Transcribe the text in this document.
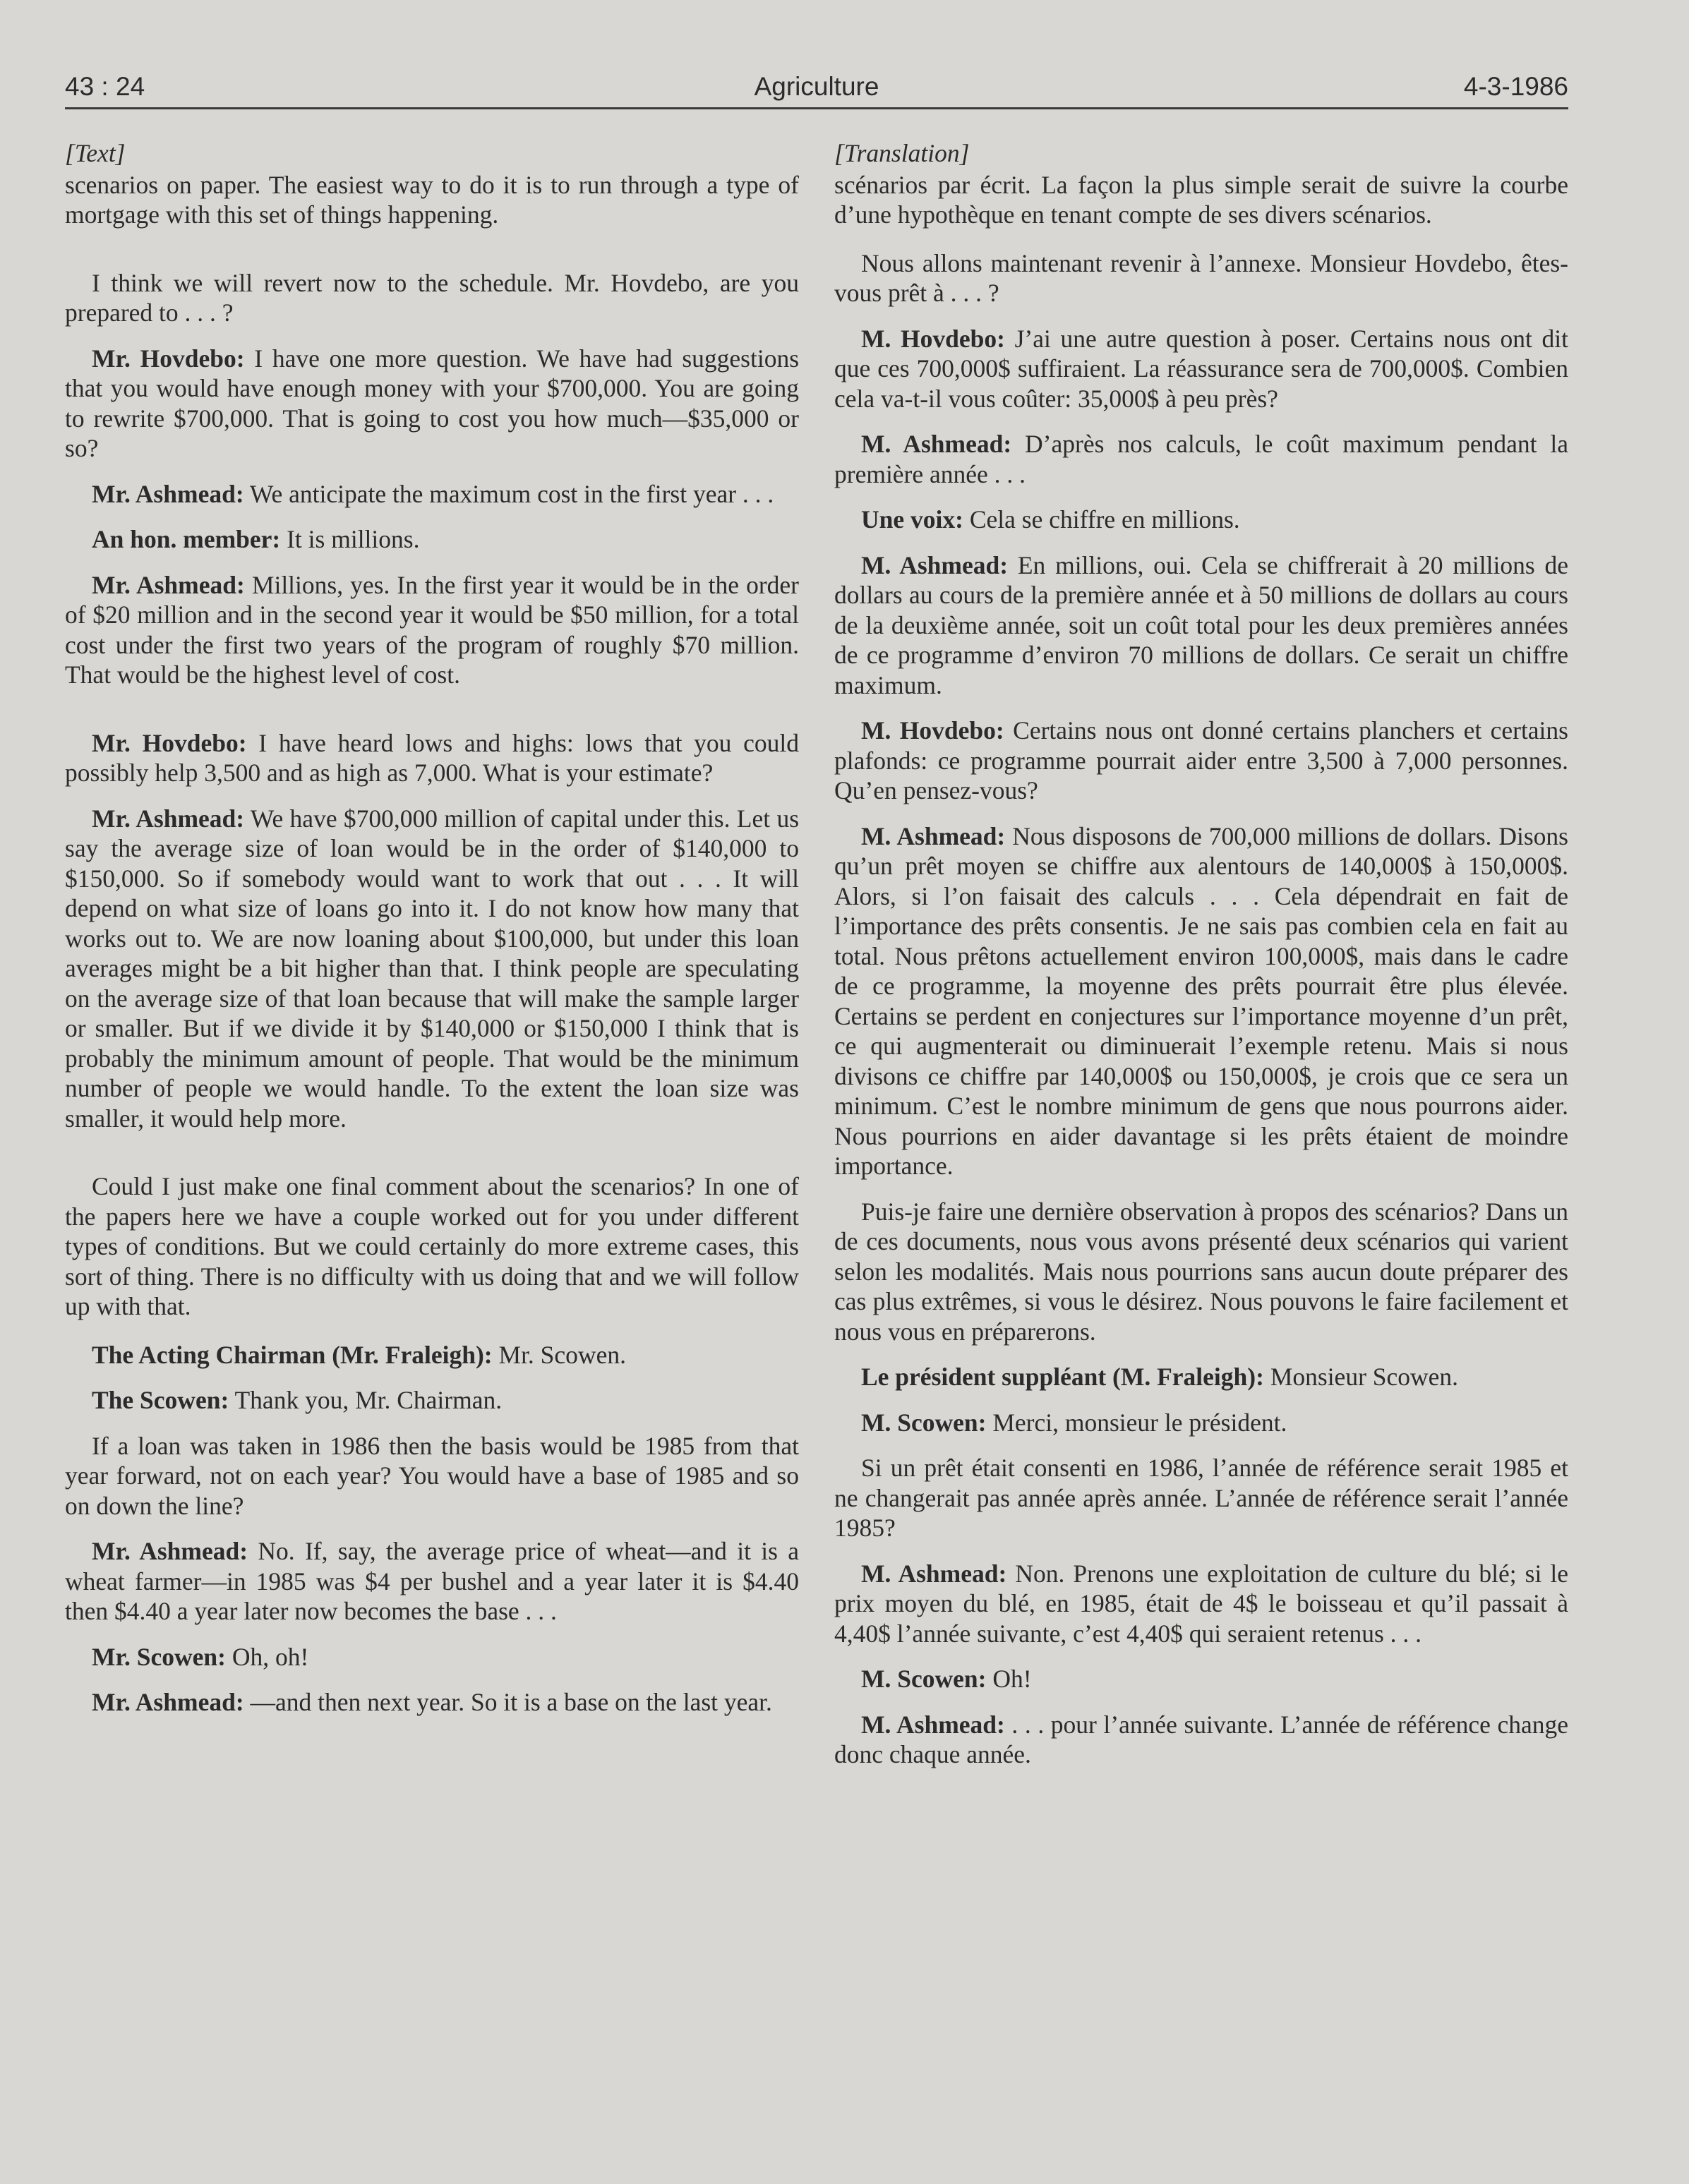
43 : 24	Agriculture	4-3-1986

[Text]

scenarios on paper. The easiest way to do it is to run through a type of mortgage with this set of things happening.

I think we will revert now to the schedule. Mr. Hovdebo, are you prepared to . . . ?

Mr. Hovdebo: I have one more question. We have had suggestions that you would have enough money with your $700,000. You are going to rewrite $700,000. That is going to cost you how much—$35,000 or so?

Mr. Ashmead: We anticipate the maximum cost in the first year . . .

An hon. member: It is millions.

Mr. Ashmead: Millions, yes. In the first year it would be in the order of $20 million and in the second year it would be $50 million, for a total cost under the first two years of the program of roughly $70 million. That would be the highest level of cost.

Mr. Hovdebo: I have heard lows and highs: lows that you could possibly help 3,500 and as high as 7,000. What is your estimate?

Mr. Ashmead: We have $700,000 million of capital under this. Let us say the average size of loan would be in the order of $140,000 to $150,000. So if somebody would want to work that out . . . It will depend on what size of loans go into it. I do not know how many that works out to. We are now loaning about $100,000, but under this loan averages might be a bit higher than that. I think people are speculating on the average size of that loan because that will make the sample larger or smaller. But if we divide it by $140,000 or $150,000 I think that is probably the minimum amount of people. That would be the minimum number of people we would handle. To the extent the loan size was smaller, it would help more.

Could I just make one final comment about the scenarios? In one of the papers here we have a couple worked out for you under different types of conditions. But we could certainly do more extreme cases, this sort of thing. There is no difficulty with us doing that and we will follow up with that.

The Acting Chairman (Mr. Fraleigh): Mr. Scowen.

The Scowen: Thank you, Mr. Chairman.

If a loan was taken in 1986 then the basis would be 1985 from that year forward, not on each year? You would have a base of 1985 and so on down the line?

Mr. Ashmead: No. If, say, the average price of wheat—and it is a wheat farmer—in 1985 was $4 per bushel and a year later it is $4.40 then $4.40 a year later now becomes the base . . .

Mr. Scowen: Oh, oh!

Mr. Ashmead: —and then next year. So it is a base on the last year.

[Translation]

scénarios par écrit. La façon la plus simple serait de suivre la courbe d’une hypothèque en tenant compte de ses divers scénarios.

Nous allons maintenant revenir à l’annexe. Monsieur Hovdebo, êtes-vous prêt à . . . ?

M. Hovdebo: J’ai une autre question à poser. Certains nous ont dit que ces 700,000$ suffiraient. La réassurance sera de 700,000$. Combien cela va-t-il vous coûter: 35,000$ à peu près?

M. Ashmead: D’après nos calculs, le coût maximum pendant la première année . . .

Une voix: Cela se chiffre en millions.

M. Ashmead: En millions, oui. Cela se chiffrerait à 20 millions de dollars au cours de la première année et à 50 millions de dollars au cours de la deuxième année, soit un coût total pour les deux premières années de ce programme d’environ 70 millions de dollars. Ce serait un chiffre maximum.

M. Hovdebo: Certains nous ont donné certains planchers et certains plafonds: ce programme pourrait aider entre 3,500 à 7,000 personnes. Qu’en pensez-vous?

M. Ashmead: Nous disposons de 700,000 millions de dollars. Disons qu’un prêt moyen se chiffre aux alentours de 140,000$ à 150,000$. Alors, si l’on faisait des calculs . . . Cela dépendrait en fait de l’importance des prêts consentis. Je ne sais pas combien cela en fait au total. Nous prêtons actuellement environ 100,000$, mais dans le cadre de ce programme, la moyenne des prêts pourrait être plus élevée. Certains se perdent en conjectures sur l’importance moyenne d’un prêt, ce qui augmenterait ou diminuerait l’exemple retenu. Mais si nous divisons ce chiffre par 140,000$ ou 150,000$, je crois que ce sera un minimum. C’est le nombre minimum de gens que nous pourrons aider. Nous pourrions en aider davantage si les prêts étaient de moindre importance.

Puis-je faire une dernière observation à propos des scénarios? Dans un de ces documents, nous vous avons présenté deux scénarios qui varient selon les modalités. Mais nous pourrions sans aucun doute préparer des cas plus extrêmes, si vous le désirez. Nous pouvons le faire facilement et nous vous en préparerons.

Le président suppléant (M. Fraleigh): Monsieur Scowen.

M. Scowen: Merci, monsieur le président.

Si un prêt était consenti en 1986, l’année de référence serait 1985 et ne changerait pas année après année. L’année de référence serait l’année 1985?

M. Ashmead: Non. Prenons une exploitation de culture du blé; si le prix moyen du blé, en 1985, était de 4$ le boisseau et qu’il passait à 4,40$ l’année suivante, c’est 4,40$ qui seraient retenus . . .

M. Scowen: Oh!

M. Ashmead: . . . pour l’année suivante. L’année de référence change donc chaque année.
